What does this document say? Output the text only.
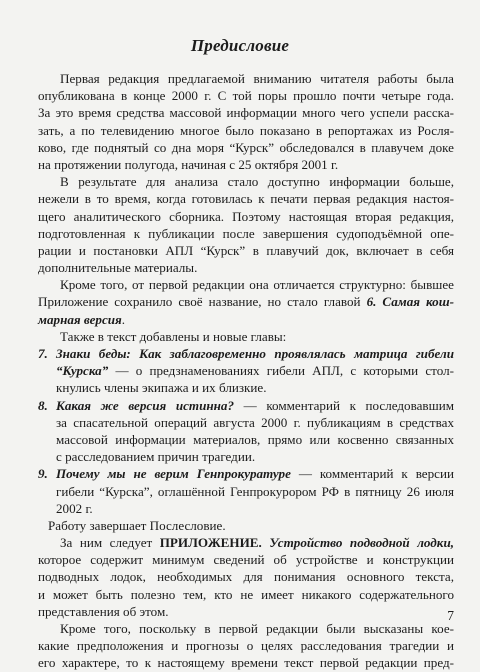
Предисловие
Первая редакция предлагаемой вниманию читателя работы была
опубликована в конце 2000 г. С той поры прошло почти четыре года.
За это время средства массовой информации много чего успели расска-
зать, а по телевидению многое было показано в репортажах из Росля-
ково, где поднятый со дна моря “Курск” обследовался в плавучем доке
на протяжении полугода, начиная с 25 октября 2001 г.
В результате для анализа стало доступно информации больше,
нежели в то время, когда готовилась к печати первая редакция настоя-
щего аналитического сборника. Поэтому настоящая вторая редакция,
подготовленная к публикации после завершения судоподъёмной опе-
рации и постановки АПЛ “Курск” в плавучий док, включает в себя
дополнительные материалы.
Кроме того, от первой редакции она отличается структурно: бывшее
Приложение сохранило своё название, но стало главой 6. Самая кош-
марная версия.
Также в текст добавлены и новые главы:
7. Знаки беды: Как заблаговременно проявлялась матрица гибели
“Курска” — о предзнаменованиях гибели АПЛ, с которыми стол-
кнулись члены экипажа и их близкие.
8. Какая же версия истинна? — комментарий к последовавшим
за спасательной операций августа 2000 г. публикациям в средствах
массовой информации материалов, прямо или косвенно связанных
с расследованием причин трагедии.
9. Почему мы не верим Генпрокуратуре — комментарий к версии
гибели “Курска”, оглашённой Генпрокурором РФ в пятницу 26 июля
2002 г.
Работу завершает Послесловие.
За ним следует ПРИЛОЖЕНИЕ. Устройство подводной лодки,
которое содержит минимум сведений об устройстве и конструкции
подводных лодок, необходимых для понимания основного текста,
и может быть полезно тем, кто не имеет никакого содержательного
представления об этом.
Кроме того, поскольку в первой редакции были высказаны кое-
какие предположения и прогнозы о целях расследования трагедии и
его характере, то к настоящему времени текст первой редакции пред-
7
